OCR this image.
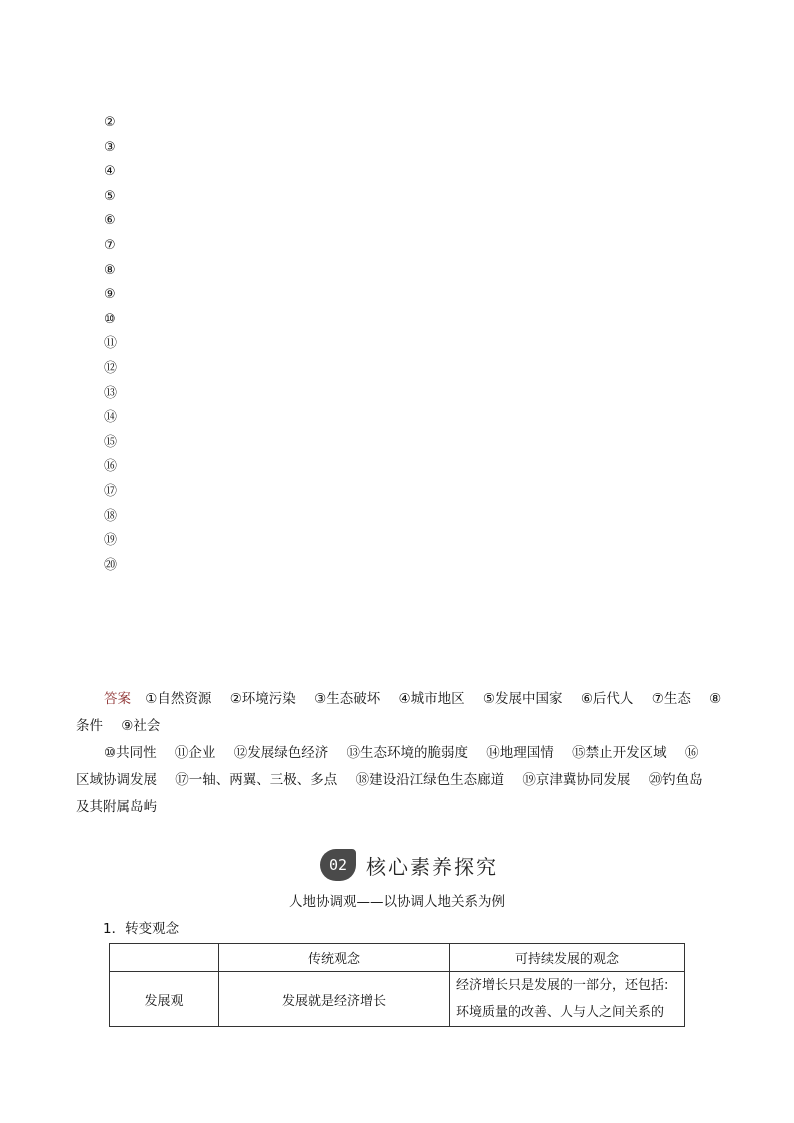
②
③
④
⑤
⑥
⑦
⑧
⑨
⑩
⑪
⑫
⑬
⑭
⑮
⑯
⑰
⑱
⑲
⑳
答案 ①自然资源 ②环境污染 ③生态破坏 ④城市地区 ⑤发展中国家 ⑥后代人 ⑦生态 ⑧
条件 ⑨社会
⑩共同性 ⑪企业 ⑫发展绿色经济 ⑬生态环境的脆弱度 ⑭地理国情 ⑮禁止开发区域 ⑯
区域协调发展 ⑰一轴、两翼、三极、多点 ⑱建设沿江绿色生态廊道 ⑲京津冀协同发展 ⑳钓鱼岛
及其附属岛屿
02 核心素养探究
人地协调观——以协调人地关系为例
1．转变观念
	传统观念	可持续发展的观念
发展观	发展就是经济增长	经济增长只是发展的一部分，还包括:环境质量的改善、人与人之间关系的
